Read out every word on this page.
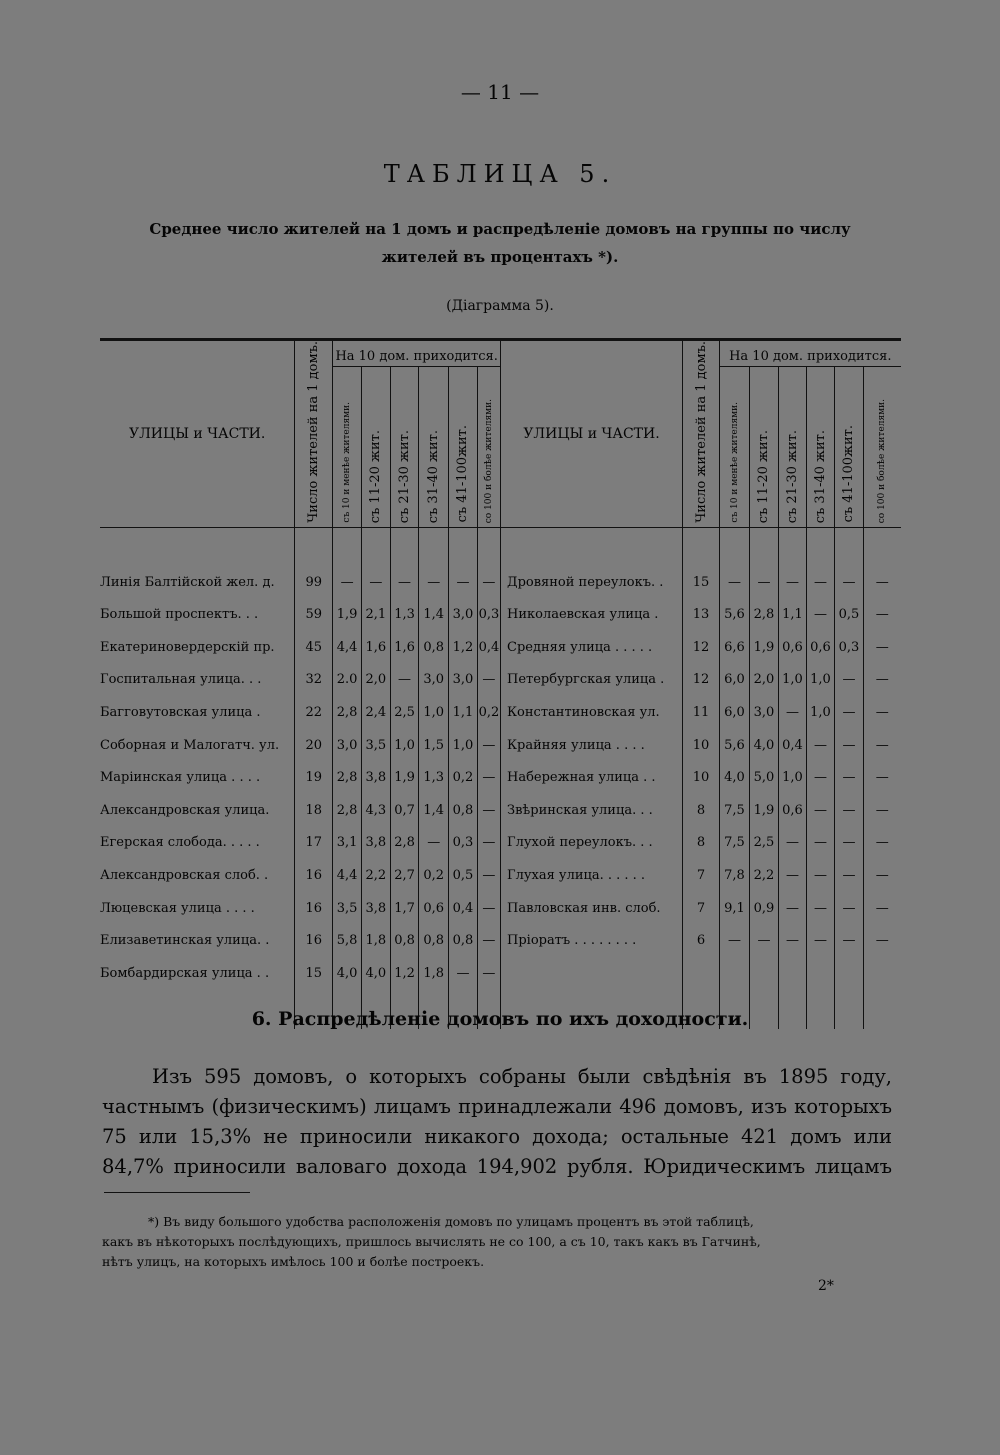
— 11 —
ТАБЛИЦА 5.
Среднее число жителей на 1 домъ и распредѣленіе домовъ на группы по числу
жителей въ процентахъ *).
(Діаграмма 5).
УЛИЦЫ и ЧАСТИ.	Число жителей на 1 домъ.	На 10 дом. приходится.					
		съ 10 и менѣе жителями.	съ 11-20 жит.	съ 21-30 жит.	съ 31-40 жит.	съ 41-100жит.	со 100 и болѣе жителями.

Линія Балтійской жел. д.	99	—	—	—	—	—	—
Большой проспектъ. . .	59	1,9	2,1	1,3	1,4	3,0	0,3
Екатериновердерскій пр.	45	4,4	1,6	1,6	0,8	1,2	0,4
Госпитальная улица. . .	32	2.0	2,0	—	3,0	3,0	—
Багговутовская улица .	22	2,8	2,4	2,5	1,0	1,1	0,2
Соборная и Малогатч. ул.	20	3,0	3,5	1,0	1,5	1,0	—
Маріинская улица . . . .	19	2,8	3,8	1,9	1,3	0,2	—
Александровская улица.	18	2,8	4,3	0,7	1,4	0,8	—
Егерская слобода. . . . .	17	3,1	3,8	2,8	—	0,3	—
Александровская слоб. .	16	4,4	2,2	2,7	0,2	0,5	—
Люцевская улица . . . .	16	3,5	3,8	1,7	0,6	0,4	—
Елизаветинская улица. .	16	5,8	1,8	0,8	0,8	0,8	—
Бомбардирская улица . .	15	4,0	4,0	1,2	1,8	—	—

УЛИЦЫ и ЧАСТИ.	Число жителей на 1 домъ.	На 10 дом. приходится.					
		съ 10 и менѣе жителями.	съ 11-20 жит.	съ 21-30 жит.	съ 31-40 жит.	съ 41-100жит.	со 100 и болѣе жителями.

Дровяной переулокъ. .	15	—	—	—	—	—	—
Николаевская улица .	13	5,6	2,8	1,1	—	0,5	—
Средняя улица . . . . .	12	6,6	1,9	0,6	0,6	0,3	—
Петербургская улица .	12	6,0	2,0	1,0	1,0	—	—
Константиновская ул.	11	6,0	3,0	—	1,0	—	—
Крайняя улица . . . .	10	5,6	4,0	0,4	—	—	—
Набережная улица . .	10	4,0	5,0	1,0	—	—	—
Звѣринская улица. . .	8	7,5	1,9	0,6	—	—	—
Глухой переулокъ. . .	8	7,5	2,5	—	—	—	—
Глухая улица. . . . . .	7	7,8	2,2	—	—	—	—
Павловская инв. слоб.	7	9,1	0,9	—	—	—	—
Пріоратъ . . . . . . . .	6	—	—	—	—	—	—

6. Распредѣленіе домовъ по ихъ доходности.
Изъ 595 домовъ, о которыхъ собраны были свѣдѣнія въ 1895 году,
частнымъ (физическимъ) лицамъ принадлежали 496 домовъ, изъ которыхъ
75 или 15,3% не приносили никакого дохода; остальные 421 домъ или
84,7% приносили валоваго дохода 194,902 рубля. Юридическимъ лицамъ
*) Въ виду большого удобства расположенія домовъ по улицамъ процентъ въ этой таблицѣ,
какъ въ нѣкоторыхъ послѣдующихъ, пришлось вычислять не со 100, а съ 10, такъ какъ въ Гатчинѣ,
нѣтъ улицъ, на которыхъ имѣлось 100 и болѣе построекъ.
2*
